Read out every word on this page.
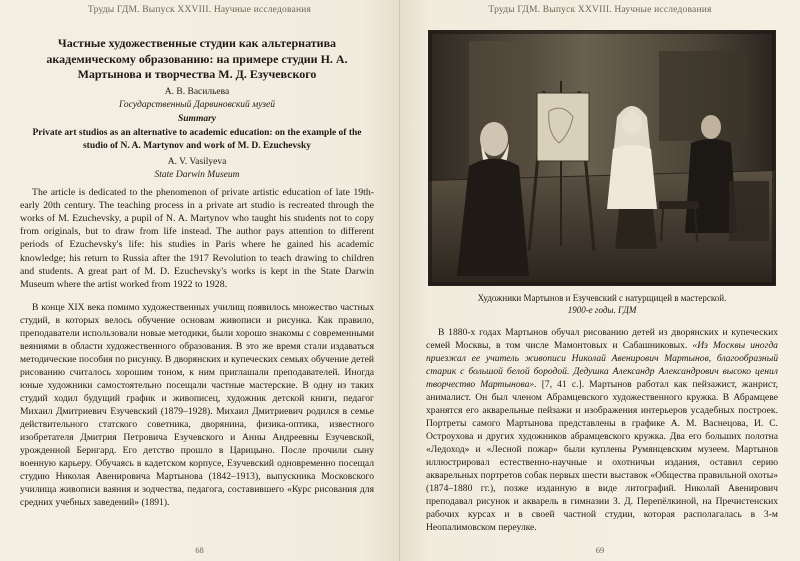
Труды ГДМ. Выпуск XXVIII. Научные исследования
Частные художественные студии как альтернатива академическому образованию: на примере студии Н. А. Мартынова и творчества М. Д. Езучевского
А. В. Васильева
Государственный Дарвиновский музей
Summary
Private art studios as an alternative to academic education: on the example of the studio of N. A. Martynov and work of M. D. Ezuchevsky
A. V. Vasilyeva
State Darwin Museum

The article is dedicated to the phenomenon of private artistic education of late 19th- early 20th century. The teaching process in a private art studio is recreated through the works of M. Ezuchevsky, a pupil of N. A. Martynov who taught his students not to copy from originals, but to draw from life instead. The author pays attention to different periods of Ezuchevsky's life: his studies in Paris where he gained his academic knowledge; his return to Russia after the 1917 Revolution to teach drawing to children and students. A great part of M. D. Ezuchevsky's works is kept in the State Darwin Museum where the artist worked from 1922 to 1928.

В конце XIX века помимо художественных училищ появилось множество частных студий, в которых велось обучение основам живописи и рисунка. Как правило, преподаватели использовали новые методики, были хорошо знакомы с современными веяниями в области художественного образования. В это же время стали издаваться методические пособия по рисунку. В дворянских и купеческих семьях обучение детей рисованию считалось хорошим тоном, к ним приглашали преподавателей. Иногда юные художники самостоятельно посещали частные мастерские. В одну из таких студий ходил будущий график и живописец, художник детской книги, педагог Михаил Дмитриевич Езучевский (1879–1928). Михаил Дмитриевич родился в семье действительного статского советника, дворянина, физика-оптика, известного изобретателя Дмитрия Петровича Езучевского и Анны Андреевны Езучевской, урожденной Бернгард. Его детство прошло в Царицыно. После прочили сыну военную карьеру. Обучаясь в кадетском корпусе, Езучевский одновременно посещал студию Николая Авенировича Мартынова (1842–1913), выпускника Московского училища живописи ваяния и зодчества, педагога, составившего «Курс рисования для средних учебных заведений» (1891).

68
Труды ГДМ. Выпуск XXVIII. Научные исследования
Художники Мартынов и Езучевский с натурщицей в мастерской.
1900-е годы. ГДМ

В 1880-х годах Мартынов обучал рисованию детей из дворянских и купеческих семей Москвы, в том числе Мамонтовых и Сабашниковых. «Из Москвы иногда приезжал ее учитель живописи Николай Авенирович Мартынов, благообразный старик с большой белой бородой. Дедушка Александр Александрович высоко ценил творчество Мартынова». [7, 41 с.]. Мартынов работал как пейзажист, жанрист, анималист. Он был членом Абрамцевского художественного кружка. В Абрамцеве хранятся его акварельные пейзажи и изображения интерьеров усадебных построек. Портреты самого Мартынова представлены в графике А. М. Васнецова, И. С. Остроухова и других художников абрамцевского кружка. Два его больших полотна «Ледоход» и «Лесной пожар» были куплены Румянцевским музеем. Мартынов иллюстрировал естественно-научные и охотничьи издания, оставил серию акварельных портретов собак первых шести выставок «Общества правильной охоты» (1874–1880 гг.), позже изданную в виде литографий. Николай Авенирович преподавал рисунок и акварель в гимназии З. Д. Перепёлкиной, на Пречистенских рабочих курсах и в своей частной студии, которая располагалась в 3-м Неопалимовском переулке.

69
